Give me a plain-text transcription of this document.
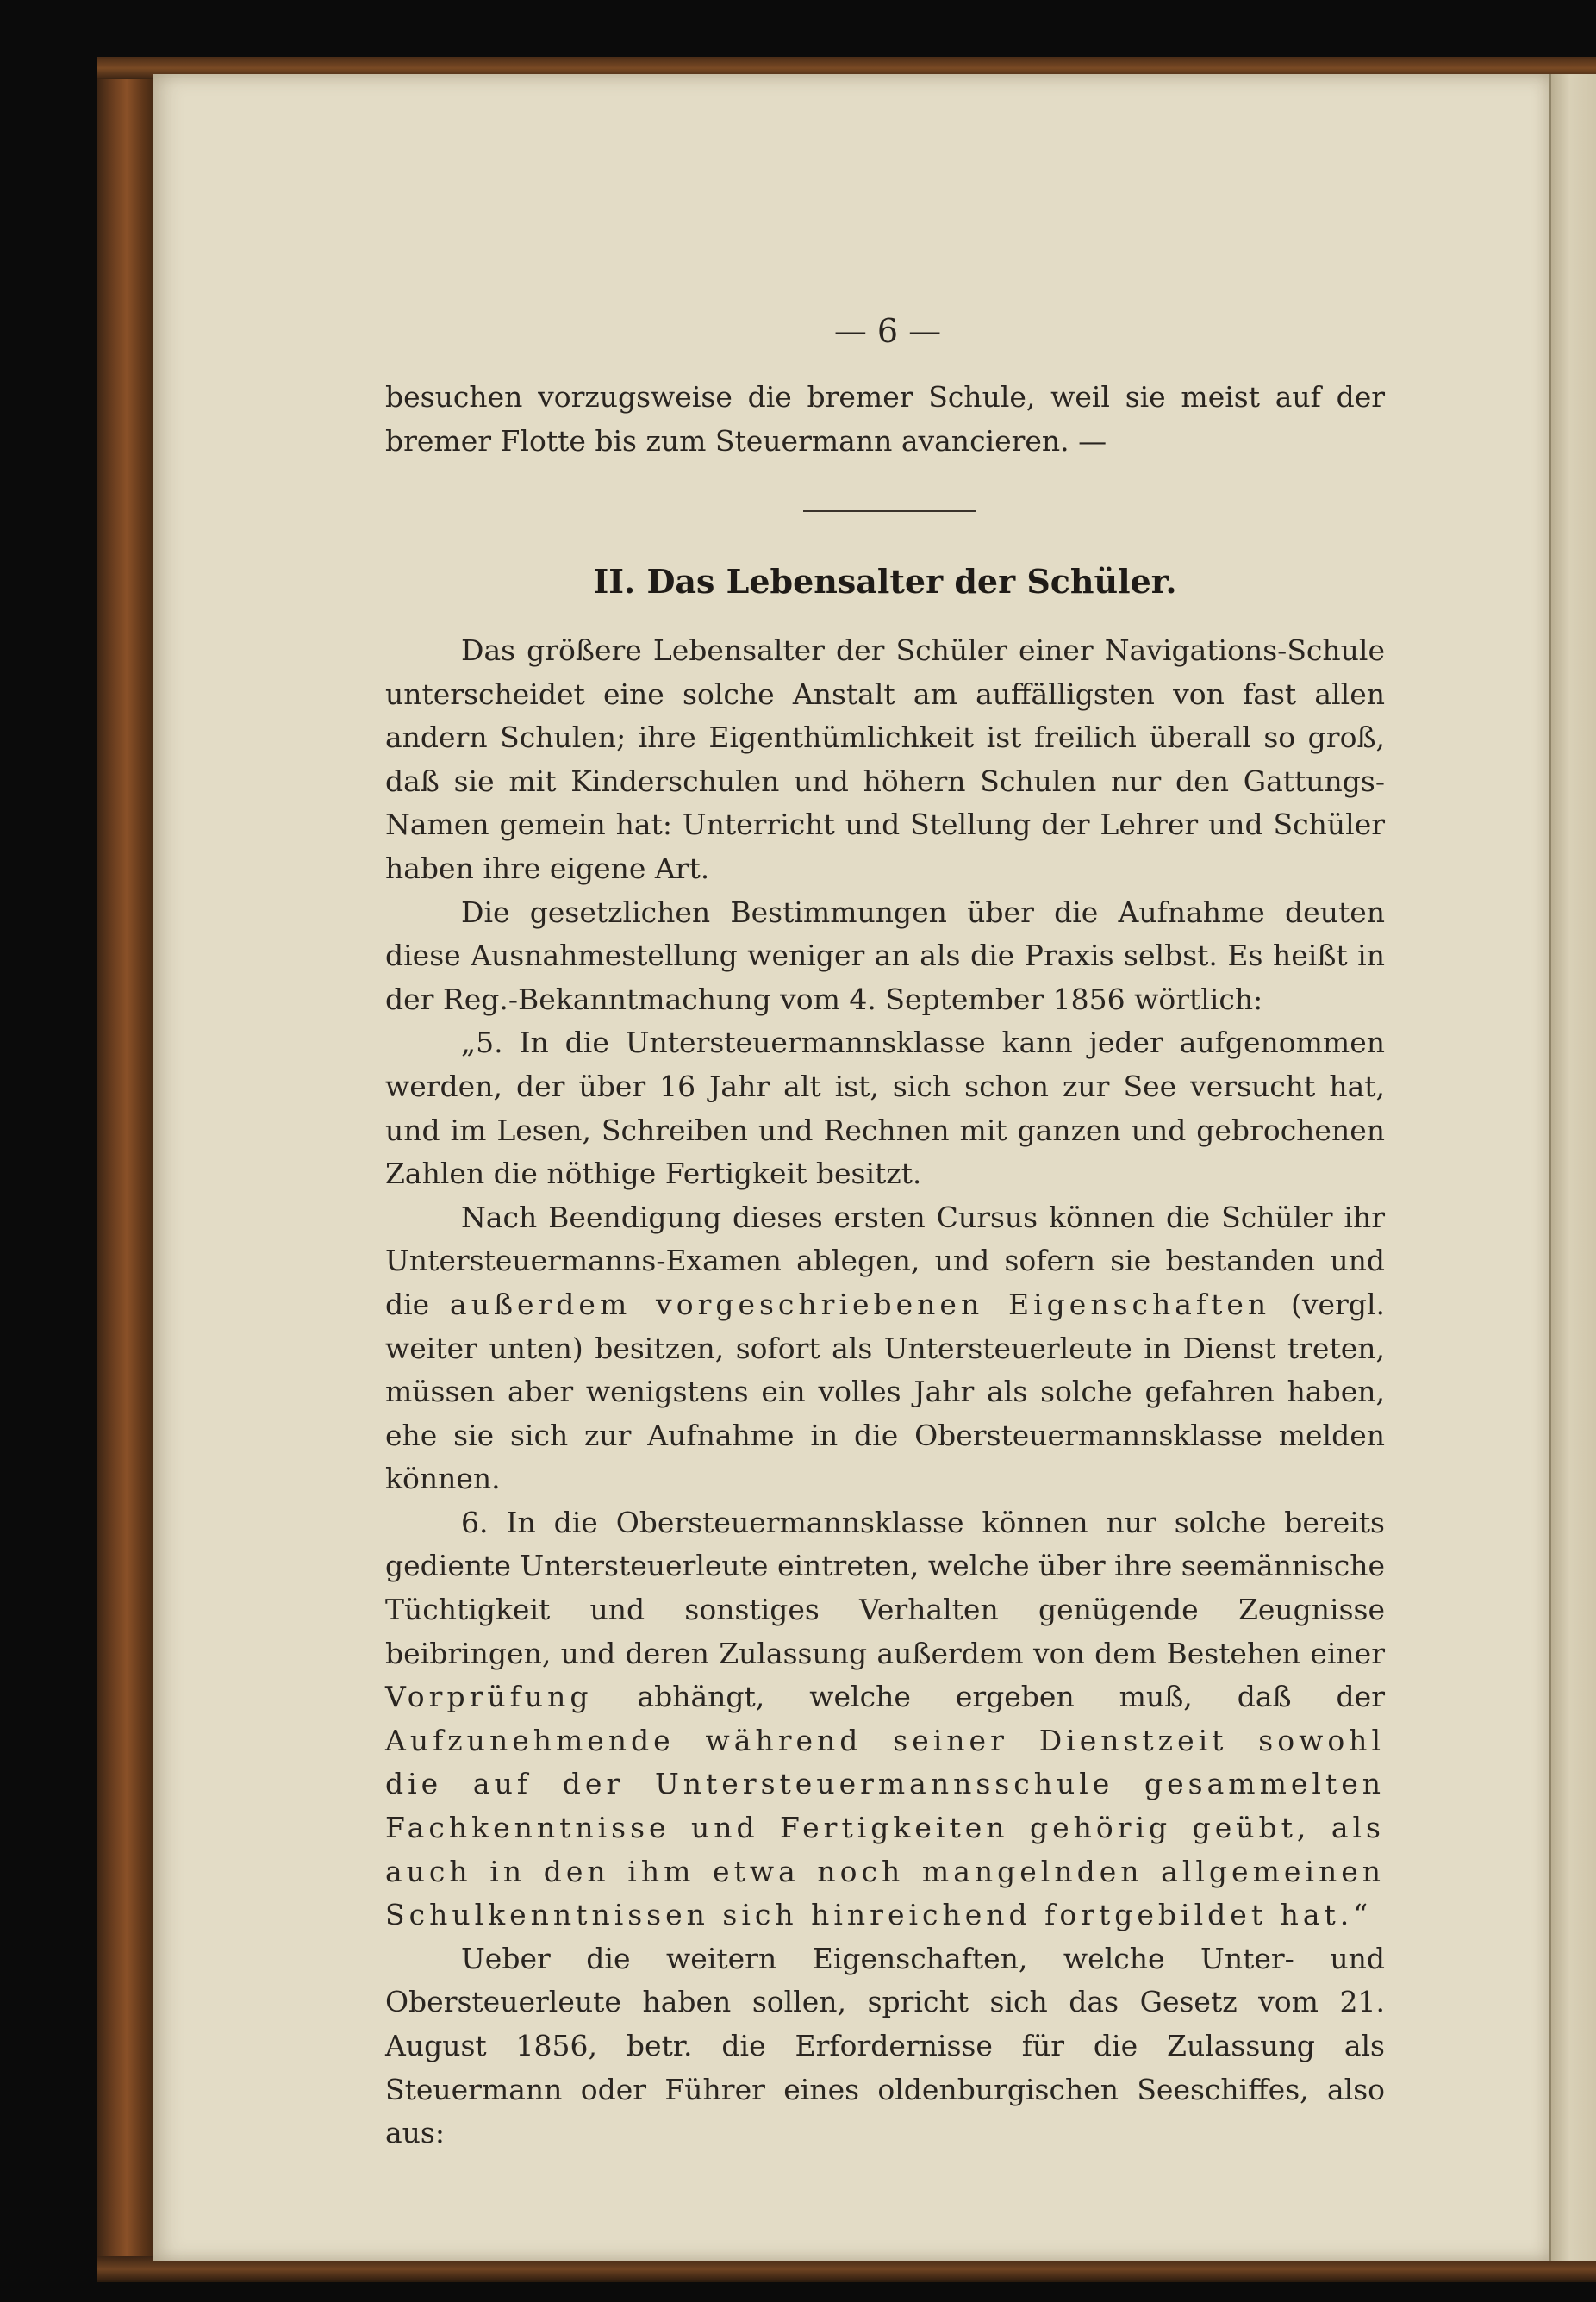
— 6 —

besuchen vorzugsweise die bremer Schule, weil sie meist auf der bremer Flotte bis zum Steuermann avancieren. —

II. Das Lebensalter der Schüler.

Das größere Lebensalter der Schüler einer Navigations-Schule unterscheidet eine solche Anstalt am auffälligsten von fast allen andern Schulen; ihre Eigenthümlichkeit ist freilich überall so groß, daß sie mit Kinderschulen und höhern Schulen nur den Gattungs-Namen gemein hat: Unterricht und Stellung der Lehrer und Schüler haben ihre eigene Art.

Die gesetzlichen Bestimmungen über die Aufnahme deuten diese Ausnahmestellung weniger an als die Praxis selbst. Es heißt in der Reg.-Bekanntmachung vom 4. September 1856 wörtlich:

„5. In die Untersteuermannsklasse kann jeder aufgenommen werden, der über 16 Jahr alt ist, sich schon zur See versucht hat, und im Lesen, Schreiben und Rechnen mit ganzen und gebrochenen Zahlen die nöthige Fertigkeit besitzt.

Nach Beendigung dieses ersten Cursus können die Schüler ihr Untersteuermanns-Examen ablegen, und sofern sie bestanden und die außerdem vorgeschriebenen Eigenschaften (vergl. weiter unten) besitzen, sofort als Untersteuerleute in Dienst treten, müssen aber wenigstens ein volles Jahr als solche gefahren haben, ehe sie sich zur Aufnahme in die Obersteuermannsklasse melden können.

6. In die Obersteuermannsklasse können nur solche bereits gediente Untersteuerleute eintreten, welche über ihre seemännische Tüchtigkeit und sonstiges Verhalten genügende Zeugnisse beibringen, und deren Zulassung außerdem von dem Bestehen einer Vorprüfung abhängt, welche ergeben muß, daß der Aufzunehmende während seiner Dienstzeit sowohl die auf der Untersteuermannsschule gesammelten Fachkenntnisse und Fertigkeiten gehörig geübt, als auch in den ihm etwa noch mangelnden allgemeinen Schulkenntnissen sich hinreichend fortgebildet hat.“

Ueber die weitern Eigenschaften, welche Unter- und Obersteuerleute haben sollen, spricht sich das Gesetz vom 21. August 1856, betr. die Erfordernisse für die Zulassung als Steuermann oder Führer eines oldenburgischen Seeschiffes, also aus:
